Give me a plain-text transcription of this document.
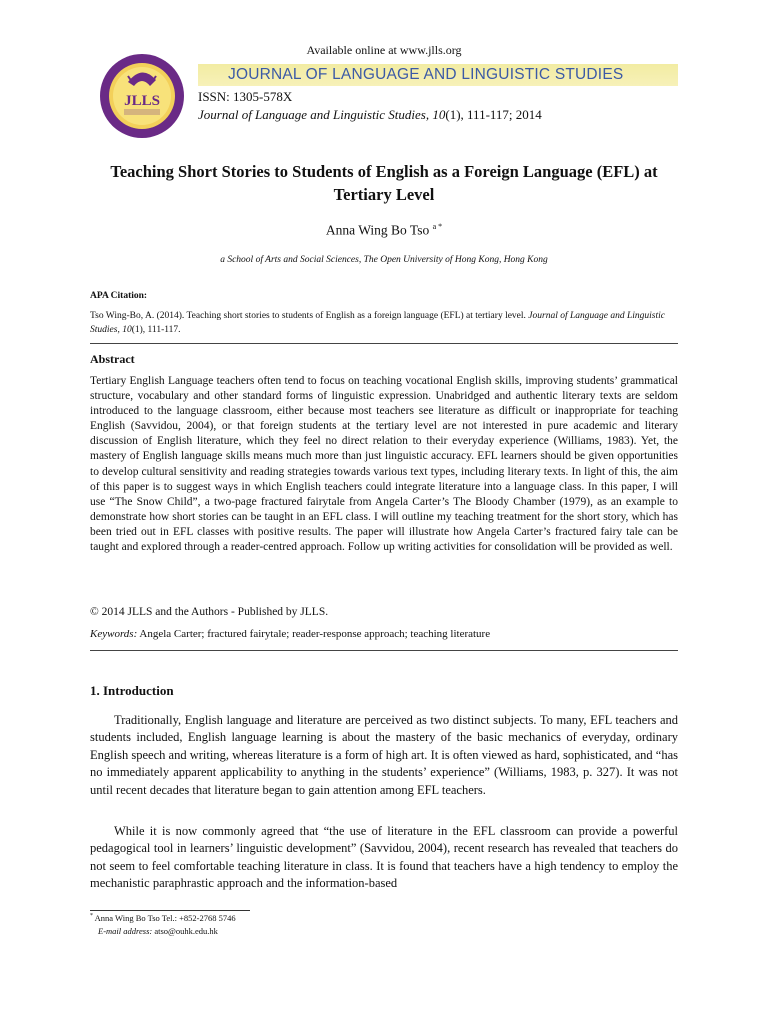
Available online at www.jlls.org
JLLS
JOURNAL OF LANGUAGE AND LINGUISTIC STUDIES
ISSN: 1305-578X
Journal of Language and Linguistic Studies, 10(1), 111-117; 2014
Teaching Short Stories to Students of English as a Foreign Language (EFL) at Tertiary Level
Anna Wing Bo Tso $^{a *}$
a School of Arts and Social Sciences, The Open University of Hong Kong, Hong Kong
APA Citation:
Tso Wing-Bo, A. (2014). Teaching short stories to students of English as a foreign language (EFL) at tertiary level. Journal of Language and Linguistic Studies, 10(1), 111-117.
Abstract
Tertiary English Language teachers often tend to focus on teaching vocational English skills, improving students’ grammatical structure, vocabulary and other standard forms of linguistic expression. Unabridged and authentic literary texts are seldom introduced to the language classroom, either because most teachers see literature as difficult or inappropriate for teaching English (Savvidou, 2004), or that foreign students at the tertiary level are not interested in pure academic and literary discussion of English literature, which they feel no direct relation to their everyday experience (Williams, 1983). Yet, the mastery of English language skills means much more than just linguistic accuracy. EFL learners should be given opportunities to develop cultural sensitivity and reading strategies towards various text types, including literary texts. In light of this, the aim of this paper is to suggest ways in which English teachers could integrate literature into a language class. In this paper, I will use “The Snow Child”, a two-page fractured fairytale from Angela Carter’s The Bloody Chamber (1979), as an example to demonstrate how short stories can be taught in an EFL class. I will outline my teaching treatment for the short story, which has been tried out in EFL classes with positive results. The paper will illustrate how Angela Carter’s fractured fairy tale can be taught and explored through a reader-centred approach. Follow up writing activities for consolidation will be provided as well.
© 2014 JLLS and the Authors - Published by JLLS.
Keywords: Angela Carter; fractured fairytale; reader-response approach; teaching literature
1. Introduction
Traditionally, English language and literature are perceived as two distinct subjects. To many, EFL teachers and students included, English language learning is about the mastery of the basic mechanics of everyday, ordinary English speech and writing, whereas literature is a form of high art. It is often viewed as hard, sophisticated, and “has no immediately apparent applicability to anything in the students’ experience” (Williams, 1983, p. 327). It was not until recent decades that literature began to gain attention among EFL teachers.
While it is now commonly agreed that “the use of literature in the EFL classroom can provide a powerful pedagogical tool in learners’ linguistic development” (Savvidou, 2004), recent research has revealed that teachers do not seem to feel comfortable teaching literature in class. It is found that teachers have a high tendency to employ the mechanistic paraphrastic approach and the information-based
* Anna Wing Bo Tso Tel.: +852-2768 5746
E-mail address: atso@ouhk.edu.hk
